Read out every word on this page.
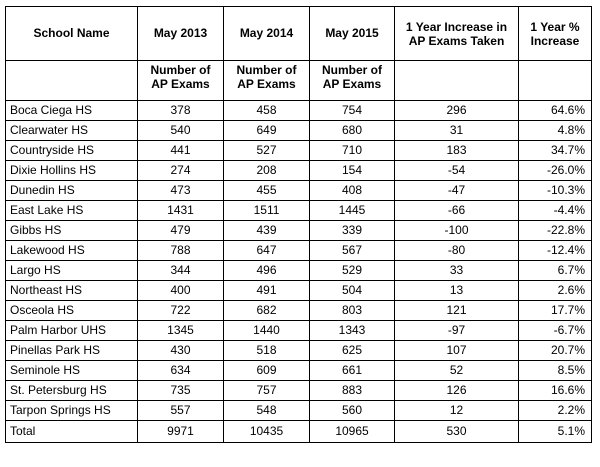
School Name	May 2013	May 2014	May 2015	1 Year Increase in AP Exams Taken	1 Year % Increase
	Number of AP Exams	Number of AP Exams	Number of AP Exams		
Boca Ciega HS	378	458	754	296	64.6%
Clearwater HS	540	649	680	31	4.8%
Countryside HS	441	527	710	183	34.7%
Dixie Hollins HS	274	208	154	-54	-26.0%
Dunedin HS	473	455	408	-47	-10.3%
East Lake HS	1431	1511	1445	-66	-4.4%
Gibbs HS	479	439	339	-100	-22.8%
Lakewood HS	788	647	567	-80	-12.4%
Largo HS	344	496	529	33	6.7%
Northeast HS	400	491	504	13	2.6%
Osceola HS	722	682	803	121	17.7%
Palm Harbor UHS	1345	1440	1343	-97	-6.7%
Pinellas Park HS	430	518	625	107	20.7%
Seminole HS	634	609	661	52	8.5%
St. Petersburg HS	735	757	883	126	16.6%
Tarpon Springs HS	557	548	560	12	2.2%
Total	9971	10435	10965	530	5.1%
